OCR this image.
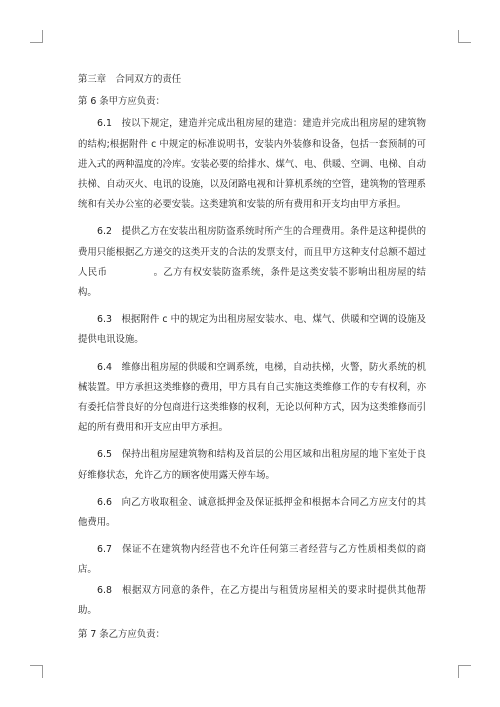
第三章　合同双方的责任

第 6 条甲方应负责：

6.1　按以下规定，建造并完成出租房屋的建造：建造并完成出租房屋的建筑物的结构;根据附件 c 中规定的标准说明书，安装内外装修和设备，包括一套预制的可进入式的两种温度的冷库。安装必要的给排水、煤气、电、供暖、空调、电梯、自动扶梯、自动灭火、电讯的设施，以及闭路电视和计算机系统的空管，建筑物的管理系统和有关办公室的必要安装。这类建筑和安装的所有费用和开支均由甲方承担。

6.2　提供乙方在安装出租房防盗系统时所产生的合理费用。条件是这种提供的费用只能根据乙方递交的这类开支的合法的发票支付，而且甲方这种支付总额不超过人民币	。乙方有权安装防盗系统，条件是这类安装不影响出租房屋的结构。

6.3　根据附件 c 中的规定为出租房屋安装水、电、煤气、供暖和空调的设施及提供电讯设施。

6.4　维修出租房屋的供暖和空调系统，电梯，自动扶梯，火警，防火系统的机械装置。甲方承担这类维修的费用，甲方具有自己实施这类维修工作的专有权利，亦有委托信誉良好的分包商进行这类维修的权利，无论以何种方式，因为这类维修而引起的所有费用和开支应由甲方承担。

6.5　保持出租房屋建筑物和结构及首层的公用区域和出租房屋的地下室处于良好维修状态，允许乙方的顾客使用露天停车场。

6.6　向乙方收取租金、诚意抵押金及保证抵押金和根据本合同乙方应支付的其他费用。

6.7　保证不在建筑物内经营也不允许任何第三者经营与乙方性质相类似的商店。

6.8　根据双方同意的条件，在乙方提出与租赁房屋相关的要求时提供其他帮助。

第 7 条乙方应负责：
